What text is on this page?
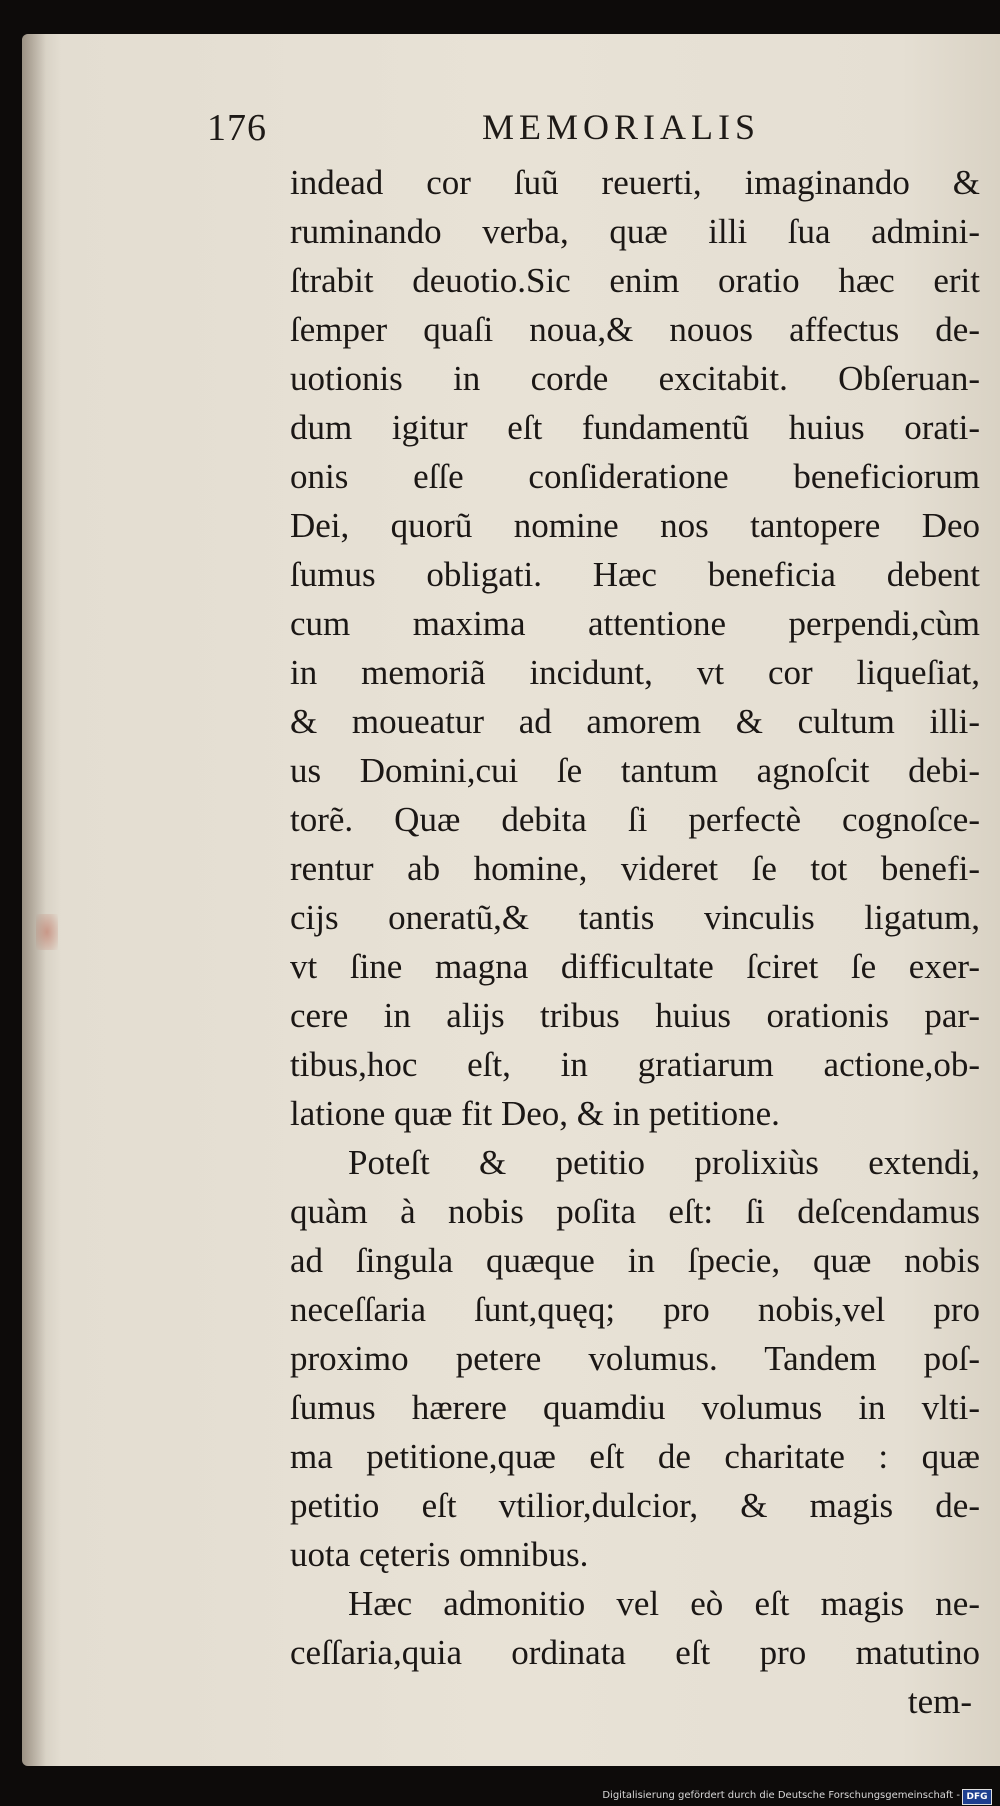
176	MEMORIALIS
indead cor ſuũ reuerti, imaginando &
ruminando verba, quæ illi ſua admini-
ſtrabit deuotio.Sic enim oratio hæc erit
ſemper quaſi noua,& nouos affectus de-
uotionis in corde excitabit. Obſeruan-
dum igitur eſt fundamentũ huius orati-
onis eſſe conſideratione beneficiorum
Dei, quorũ nomine nos tantopere Deo
ſumus obligati. Hæc beneficia debent
cum maxima attentione perpendi,cùm
in memoriã incidunt, vt cor liqueſiat,
& moueatur ad amorem & cultum illi-
us Domini,cui ſe tantum agnoſcit debi-
torẽ. Quæ debita ſi perfectè cognoſce-
rentur ab homine, videret ſe tot benefi-
cijs oneratũ,& tantis vinculis ligatum,
vt ſine magna difficultate ſciret ſe exer-
cere in alijs tribus huius orationis par-
tibus,hoc eſt, in gratiarum actione,ob-
latione quæ fit Deo, & in petitione.
Poteſt & petitio prolixiùs extendi,
quàm à nobis poſita eſt: ſi deſcendamus
ad ſingula quæque in ſpecie, quæ nobis
neceſſaria ſunt,quęq; pro nobis,vel pro
proximo petere volumus. Tandem poſ-
ſumus hærere quamdiu volumus in vlti-
ma petitione,quæ eſt de charitate : quæ
petitio eſt vtilior,dulcior, & magis de-
uota cęteris omnibus.
Hæc admonitio vel eò eſt magis ne-
ceſſaria,quia ordinata eſt pro matutino
tem-
Digitalisierung gefördert durch die Deutsche Forschungsgemeinschaft - DFG
